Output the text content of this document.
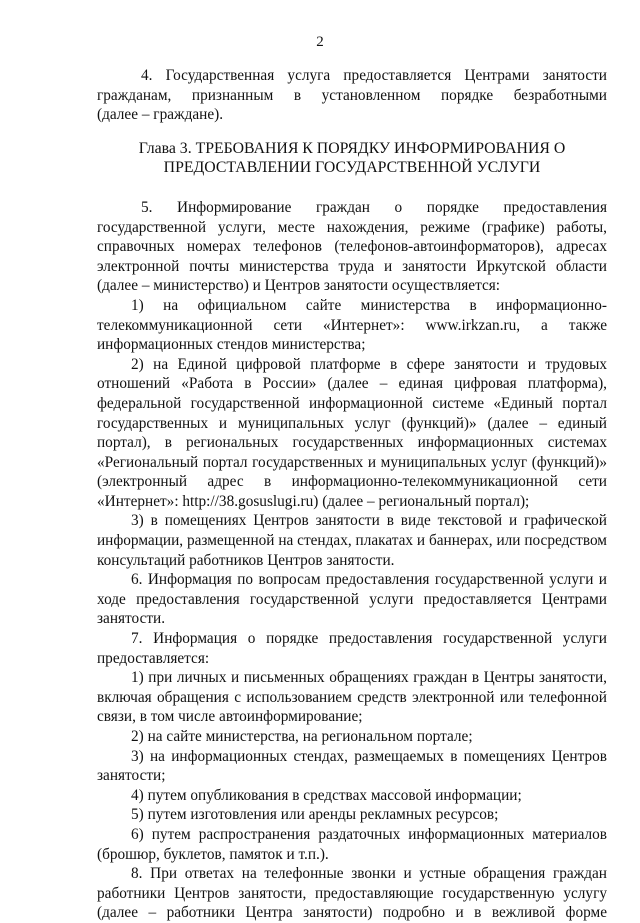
2
4. Государственная услуга предоставляется Центрами занятости
гражданам, признанным в установленном порядке безработными
(далее – граждане).
Глава 3. ТРЕБОВАНИЯ К ПОРЯДКУ ИНФОРМИРОВАНИЯ О
ПРЕДОСТАВЛЕНИИ ГОСУДАРСТВЕННОЙ УСЛУГИ
5. Информирование граждан о порядке предоставления
государственной услуги, месте нахождения, режиме (графике) работы,
справочных номерах телефонов (телефонов-автоинформаторов), адресах
электронной почты министерства труда и занятости Иркутской области
(далее – министерство) и Центров занятости осуществляется:
1) на официальном сайте министерства в информационно-
телекоммуникационной сети «Интернет»: www.irkzan.ru, а также
информационных стендов министерства;
2) на Единой цифровой платформе в сфере занятости и трудовых
отношений «Работа в России» (далее – единая цифровая платформа),
федеральной государственной информационной системе «Единый портал
государственных и муниципальных услуг (функций)» (далее – единый
портал), в региональных государственных информационных системах
«Региональный портал государственных и муниципальных услуг (функций)»
(электронный адрес в информационно-телекоммуникационной сети
«Интернет»: http://38.gosuslugi.ru) (далее – региональный портал);
3) в помещениях Центров занятости в виде текстовой и графической
информации, размещенной на стендах, плакатах и баннерах, или посредством
консультаций работников Центров занятости.
6. Информация по вопросам предоставления государственной услуги и
ходе предоставления государственной услуги предоставляется Центрами
занятости.
7. Информация о порядке предоставления государственной услуги
предоставляется:
1) при личных и письменных обращениях граждан в Центры занятости,
включая обращения с использованием средств электронной или телефонной
связи, в том числе автоинформирование;
2) на сайте министерства, на региональном портале;
3) на информационных стендах, размещаемых в помещениях Центров
занятости;
4) путем опубликования в средствах массовой информации;
5) путем изготовления или аренды рекламных ресурсов;
6) путем распространения раздаточных информационных материалов
(брошюр, буклетов, памяток и т.п.).
8. При ответах на телефонные звонки и устные обращения граждан
работники Центров занятости, предоставляющие государственную услугу
(далее – работники Центра занятости) подробно и в вежливой форме
